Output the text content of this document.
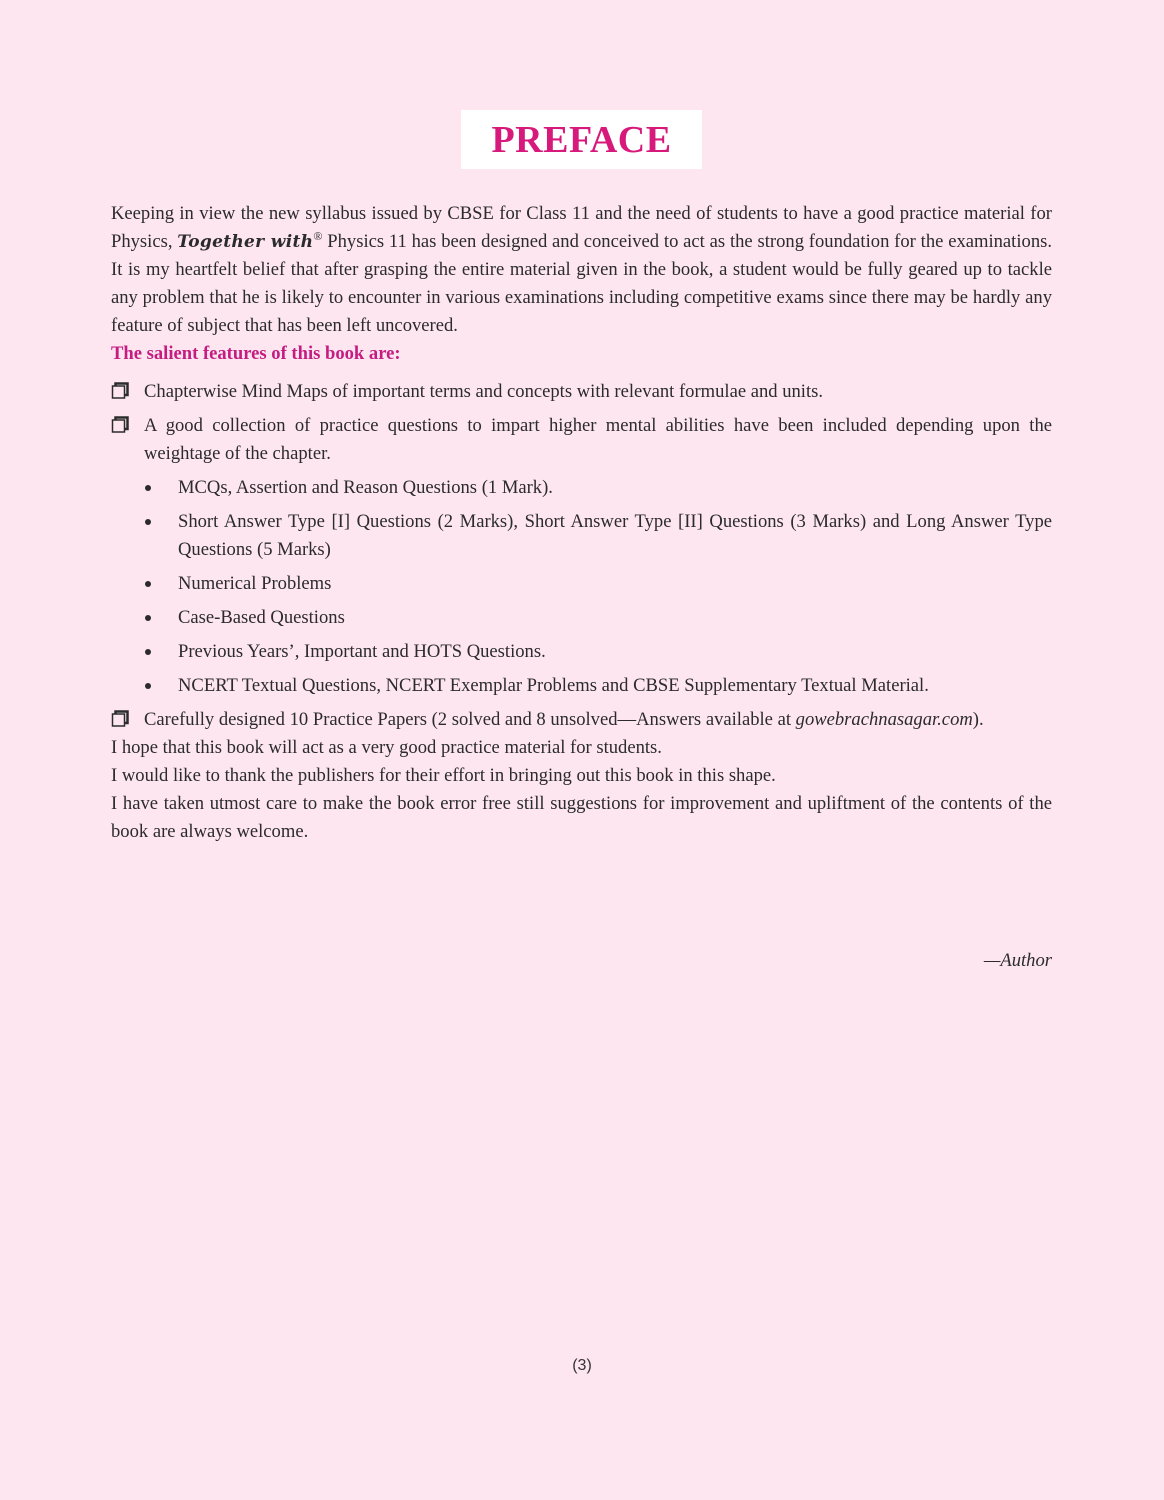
PREFACE

Keeping in view the new syllabus issued by CBSE for Class 11 and the need of students to have a good practice material for Physics, Together with® Physics 11 has been designed and conceived to act as the strong foundation for the examinations. It is my heartfelt belief that after grasping the entire material given in the book, a student would be fully geared up to tackle any problem that he is likely to encounter in various examinations including competitive exams since there may be hardly any feature of subject that has been left uncovered.

The salient features of this book are:

Chapterwise Mind Maps of important terms and concepts with relevant formulae and units.
A good collection of practice questions to impart higher mental abilities have been included depending upon the weightage of the chapter.
MCQs, Assertion and Reason Questions (1 Mark).
Short Answer Type [I] Questions (2 Marks), Short Answer Type [II] Questions (3 Marks) and Long Answer Type Questions (5 Marks)
Numerical Problems
Case-Based Questions
Previous Years’, Important and HOTS Questions.
NCERT Textual Questions, NCERT Exemplar Problems and CBSE Supplementary Textual Material.
Carefully designed 10 Practice Papers (2 solved and 8 unsolved—Answers available at gowebrachnasagar.com).

I hope that this book will act as a very good practice material for students.

I would like to thank the publishers for their effort in bringing out this book in this shape.

I have taken utmost care to make the book error free still suggestions for improvement and upliftment of the contents of the book are always welcome.

—Author
(3)
